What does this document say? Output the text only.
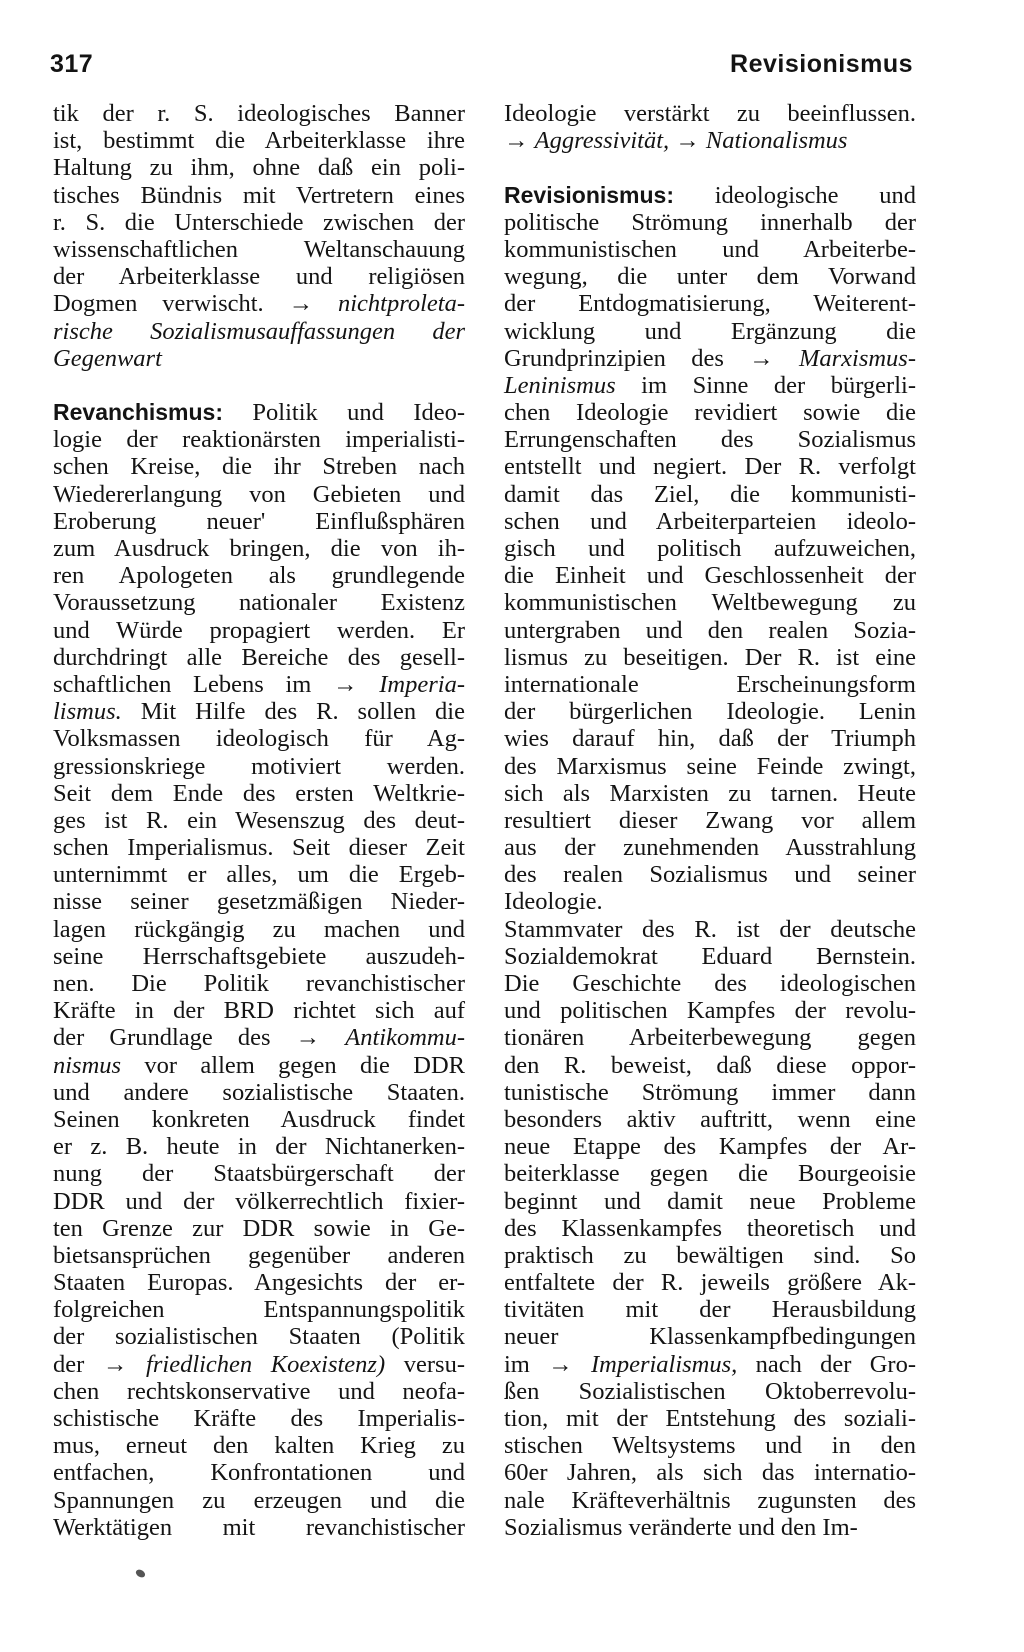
317	Revisionismus
tik der r. S. ideologisches Banner
ist, bestimmt die Arbeiterklasse ihre
Haltung zu ihm, ohne daß ein poli-
tisches Bündnis mit Vertretern eines
r. S. die Unterschiede zwischen der
wissenschaftlichen Weltanschauung
der Arbeiterklasse und religiösen
Dogmen verwischt. → nichtproleta-
rische Sozialismusauffassungen der
Gegenwart
Revanchismus: Politik und Ideo-
logie der reaktionärsten imperialisti-
schen Kreise, die ihr Streben nach
Wiedererlangung von Gebieten und
Eroberung neuer' Einflußsphären
zum Ausdruck bringen, die von ih-
ren Apologeten als grundlegende
Voraussetzung nationaler Existenz
und Würde propagiert werden. Er
durchdringt alle Bereiche des gesell-
schaftlichen Lebens im → Imperia-
lismus. Mit Hilfe des R. sollen die
Volksmassen ideologisch für Ag-
gressionskriege motiviert werden.
Seit dem Ende des ersten Weltkrie-
ges ist R. ein Wesenszug des deut-
schen Imperialismus. Seit dieser Zeit
unternimmt er alles, um die Ergeb-
nisse seiner gesetzmäßigen Nieder-
lagen rückgängig zu machen und
seine Herrschaftsgebiete auszudeh-
nen. Die Politik revanchistischer
Kräfte in der BRD richtet sich auf
der Grundlage des → Antikommu-
nismus vor allem gegen die DDR
und andere sozialistische Staaten.
Seinen konkreten Ausdruck findet
er z. B. heute in der Nichtanerken-
nung der Staatsbürgerschaft der
DDR und der völkerrechtlich fixier-
ten Grenze zur DDR sowie in Ge-
bietsansprüchen gegenüber anderen
Staaten Europas. Angesichts der er-
folgreichen Entspannungspolitik
der sozialistischen Staaten (Politik
der → friedlichen Koexistenz) versu-
chen rechtskonservative und neofa-
schistische Kräfte des Imperialis-
mus, erneut den kalten Krieg zu
entfachen, Konfrontationen und
Spannungen zu erzeugen und die
Werktätigen mit revanchistischer
Ideologie verstärkt zu beeinflussen.
→ Aggressivität, → Nationalismus
Revisionismus: ideologische und
politische Strömung innerhalb der
kommunistischen und Arbeiterbe-
wegung, die unter dem Vorwand
der Entdogmatisierung, Weiterent-
wicklung und Ergänzung die
Grundprinzipien des → Marxismus-
Leninismus im Sinne der bürgerli-
chen Ideologie revidiert sowie die
Errungenschaften des Sozialismus
entstellt und negiert. Der R. verfolgt
damit das Ziel, die kommunisti-
schen und Arbeiterparteien ideolo-
gisch und politisch aufzuweichen,
die Einheit und Geschlossenheit der
kommunistischen Weltbewegung zu
untergraben und den realen Sozia-
lismus zu beseitigen. Der R. ist eine
internationale Erscheinungsform
der bürgerlichen Ideologie. Lenin
wies darauf hin, daß der Triumph
des Marxismus seine Feinde zwingt,
sich als Marxisten zu tarnen. Heute
resultiert dieser Zwang vor allem
aus der zunehmenden Ausstrahlung
des realen Sozialismus und seiner
Ideologie.
Stammvater des R. ist der deutsche
Sozialdemokrat Eduard Bernstein.
Die Geschichte des ideologischen
und politischen Kampfes der revolu-
tionären Arbeiterbewegung gegen
den R. beweist, daß diese oppor-
tunistische Strömung immer dann
besonders aktiv auftritt, wenn eine
neue Etappe des Kampfes der Ar-
beiterklasse gegen die Bourgeoisie
beginnt und damit neue Probleme
des Klassenkampfes theoretisch und
praktisch zu bewältigen sind. So
entfaltete der R. jeweils größere Ak-
tivitäten mit der Herausbildung
neuer Klassenkampfbedingungen
im → Imperialismus, nach der Gro-
ßen Sozialistischen Oktoberrevolu-
tion, mit der Entstehung des soziali-
stischen Weltsystems und in den
60er Jahren, als sich das internatio-
nale Kräfteverhältnis zugunsten des
Sozialismus veränderte und den Im-
